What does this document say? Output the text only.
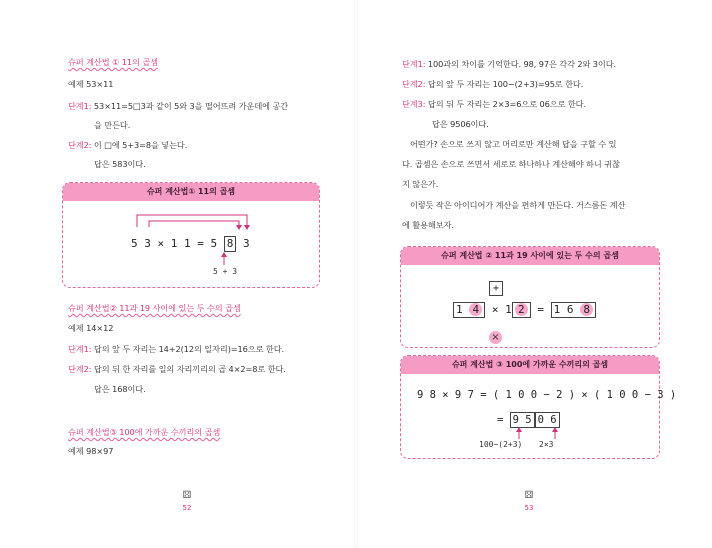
슈퍼 계산법 ① 11의 곱셈
예제 53×11
단계1: 53×11=5□3과 같이 5와 3을 떨어뜨려 가운데에 공간
을 만든다.
단계2: 이 □에 5+3=8을 넣는다.
답은 583이다.
슈퍼 계산법① 11의 곱셈
5 3 × 1 1 = 5 8 3
5 + 3
슈퍼 계산법② 11과 19 사이에 있는 두 수의 곱셈
예제 14×12
단계1: 답의 앞 두 자리는 14+2(12의 일자리)=16으로 한다.
단계2: 답의 뒤 한 자리를 일의 자리끼리의 곱 4×2=8로 한다.
답은 168이다.
슈퍼 계산법③ 100에 가까운 수끼리의 곱셈
예제 98×97
⚄
52
단계1: 100과의 차이를 기억한다. 98, 97은 각각 2와 3이다.
단계2: 답의 앞 두 자리는 100−(2+3)=95로 한다.
단계3: 답의 뒤 두 자리는 2×3=6으로 06으로 한다.
답은 9506이다.
어떤가? 손으로 쓰지 않고 머리로만 계산해 답을 구할 수 있
다. 곱셈은 손으로 쓰면서 세로로 하나하나 계산해야 하니 귀찮
지 않은가.
이렇듯 작은 아이디어가 계산을 편하게 만든다. 거스름돈 계산
에 활용해보자.
슈퍼 계산법 ② 11과 19 사이에 있는 두 수의 곱셈
+
1 4 × 1 2 = 1 6 8
×
슈퍼 계산법 ③ 100에 가까운 수끼리의 곱셈
9 8 × 9 7 = ( 1 0 0 − 2 ) × ( 1 0 0 − 3 )
= 9 5 0 6
100−(2+3) 2×3
⚄
53
